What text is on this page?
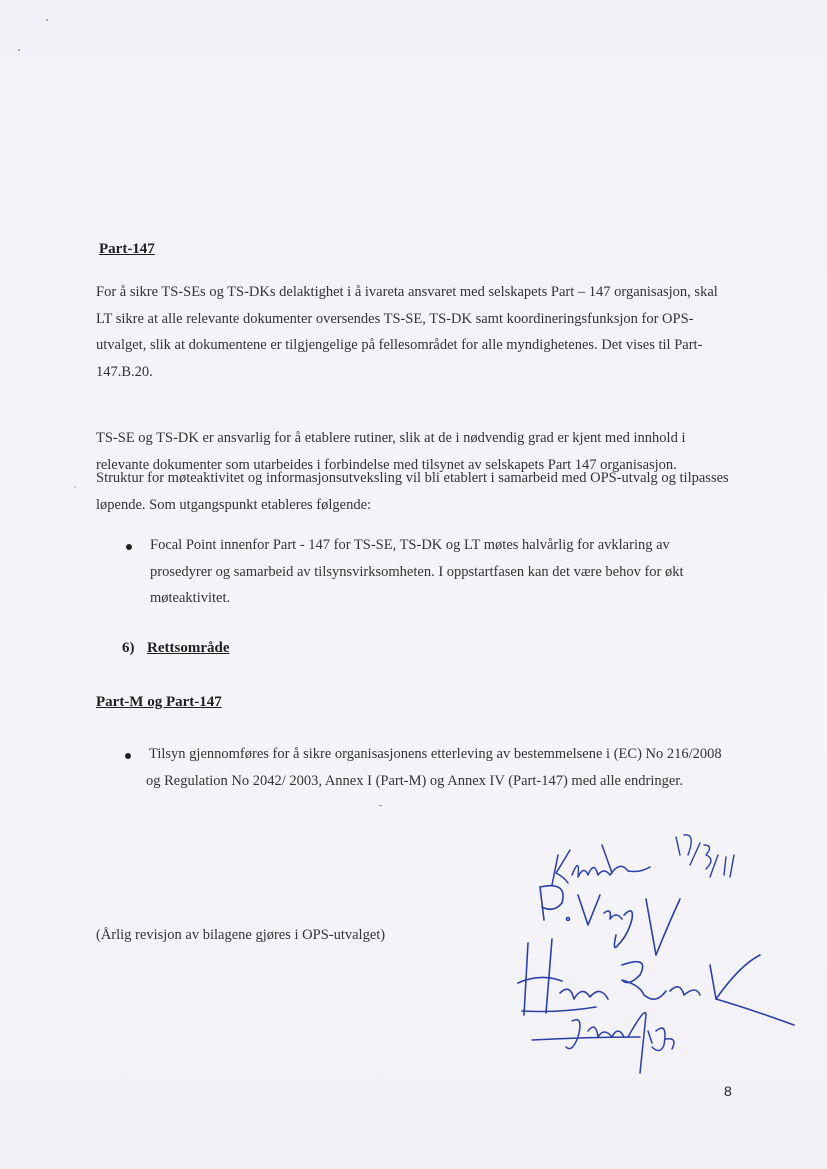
Part-147

For å sikre TS-SEs og TS-DKs delaktighet i å ivareta ansvaret med selskapets Part – 147 organisasjon, skal LT sikre at alle relevante dokumenter oversendes TS-SE, TS-DK samt koordineringsfunksjon for OPS-utvalget, slik at dokumentene er tilgjengelige på fellesområdet for alle myndighetenes. Det vises til Part-147.B.20.

TS-SE og TS-DK er ansvarlig for å etablere rutiner, slik at de i nødvendig grad er kjent med innhold i relevante dokumenter som utarbeides i forbindelse med tilsynet av selskapets Part 147 organisasjon.

Struktur for møteaktivitet og informasjonsutveksling vil bli etablert i samarbeid med OPS-utvalg og tilpasses løpende. Som utgangspunkt etableres følgende:

Focal Point innenfor Part - 147 for TS-SE, TS-DK og LT møtes halvårlig for avklaring av prosedyrer og samarbeid av tilsynsvirksomheten. I oppstartfasen kan det være behov for økt møteaktivitet.
6) Rettsområde
Part-M og Part-147
Tilsyn gjennomføres for å sikre organisasjonens etterleving av bestemmelsene i (EC) No 216/2008 og Regulation No 2042/ 2003, Annex I (Part-M) og Annex IV (Part-147) med alle endringer.
(Årlig revisjon av bilagene gjøres i OPS-utvalget)
8
